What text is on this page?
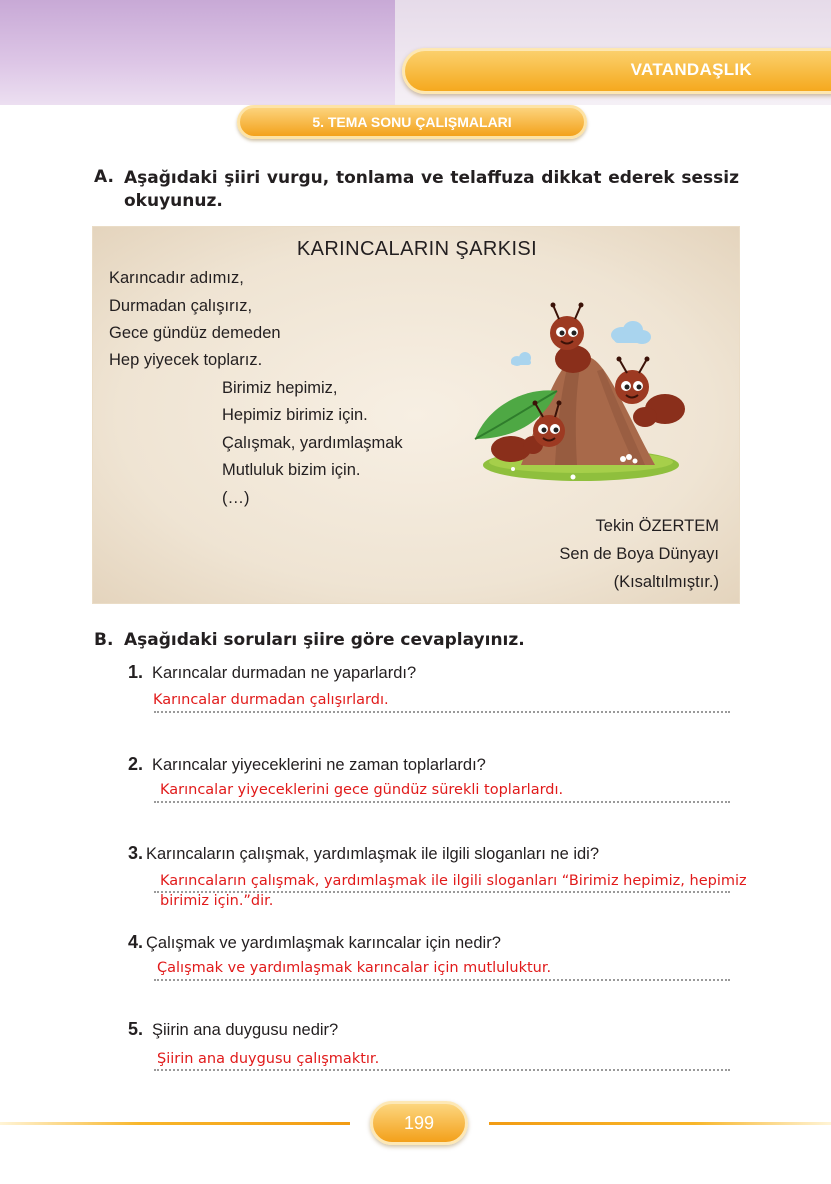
VATANDAŞLIK
5. TEMA SONU ÇALIŞMALARI
A. Aşağıdaki şiiri vurgu, tonlama ve telaffuza dikkat ederek sessiz
okuyunuz.
KARINCALARIN ŞARKISI
Karıncadır adımız,
Durmadan çalışırız,
Gece gündüz demeden
Hep yiyecek toplarız.
Birimiz hepimiz,
Hepimiz birimiz için.
Çalışmak, yardımlaşmak
Mutluluk bizim için.
(…)
Tekin ÖZERTEM
Sen de Boya Dünyayı
(Kısaltılmıştır.)
B. Aşağıdaki soruları şiire göre cevaplayınız.
1. Karıncalar durmadan ne yaparlardı?
Karıncalar durmadan çalışırlardı.
2. Karıncalar yiyeceklerini ne zaman toplarlardı?
Karıncalar yiyeceklerini gece gündüz sürekli toplarlardı.
3. Karıncaların çalışmak, yardımlaşmak ile ilgili sloganları ne idi?
Karıncaların çalışmak, yardımlaşmak ile ilgili sloganları “Birimiz hepimiz, hepimiz
birimiz için.”dir.
4. Çalışmak ve yardımlaşmak karıncalar için nedir?
Çalışmak ve yardımlaşmak karıncalar için mutluluktur.
5. Şiirin ana duygusu nedir?
Şiirin ana duygusu çalışmaktır.
199
